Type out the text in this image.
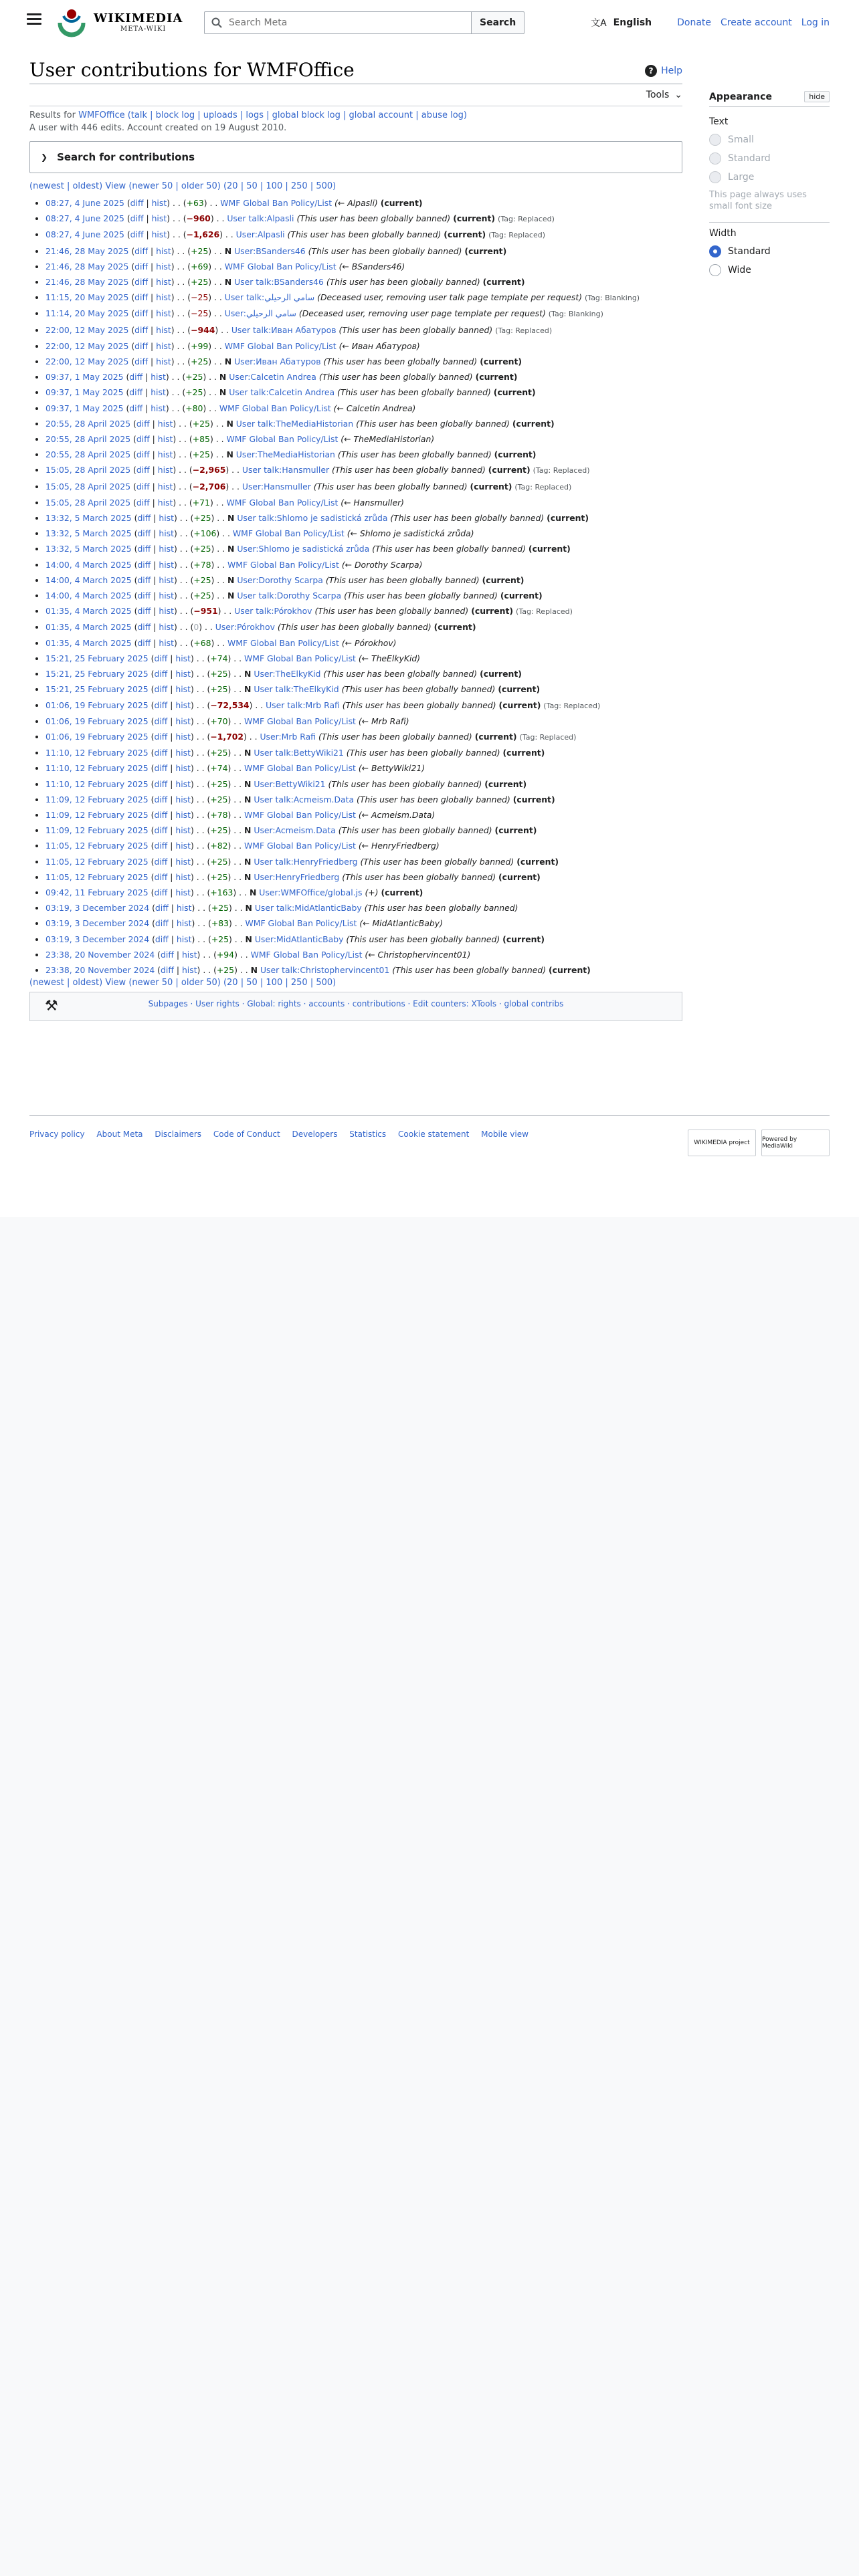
WIKIMEDIA
META-WIKI
Search Meta
Search	文A English	Donate Create account Log in
User contributions for WMFOffice	? Help
Tools ⌄
Results for WMFOffice (talk | block log | uploads | logs | global block log | global account | abuse log)
A user with 446 edits. Account created on 19 August 2010.
❯ Search for contributions
(newest | oldest) View (newer 50 | older 50) (20 | 50 | 100 | 250 | 500)
• 08:27, 4 June 2025 (diff | hist) . . (+63) . . WMF Global Ban Policy/List (← Alpasli) (current)
• 08:27, 4 June 2025 (diff | hist) . . (−960) . . User talk:Alpasli (This user has been globally banned) (current) (Tag: Replaced)
• 08:27, 4 June 2025 (diff | hist) . . (−1,626) . . User:Alpasli (This user has been globally banned) (current) (Tag: Replaced)
• 21:46, 28 May 2025 (diff | hist) . . (+25) . . N User:BSanders46 (This user has been globally banned) (current)
• 21:46, 28 May 2025 (diff | hist) . . (+69) . . WMF Global Ban Policy/List (← BSanders46)
• 21:46, 28 May 2025 (diff | hist) . . (+25) . . N User talk:BSanders46 (This user has been globally banned) (current)
• 11:15, 20 May 2025 (diff | hist) . . (−25) . . User talk:سامي الرحيلي (Deceased user, removing user talk page template per request) (Tag: Blanking)
• 11:14, 20 May 2025 (diff | hist) . . (−25) . . User:سامي الرحيلي (Deceased user, removing user page template per request) (Tag: Blanking)
• 22:00, 12 May 2025 (diff | hist) . . (−944) . . User talk:Иван Абатуров (This user has been globally banned) (Tag: Replaced)
• 22:00, 12 May 2025 (diff | hist) . . (+99) . . WMF Global Ban Policy/List (← Иван Абатуров)
• 22:00, 12 May 2025 (diff | hist) . . (+25) . . N User:Иван Абатуров (This user has been globally banned) (current)
• 09:37, 1 May 2025 (diff | hist) . . (+25) . . N User:Calcetin Andrea (This user has been globally banned) (current)
• 09:37, 1 May 2025 (diff | hist) . . (+25) . . N User talk:Calcetin Andrea (This user has been globally banned) (current)
• 09:37, 1 May 2025 (diff | hist) . . (+80) . . WMF Global Ban Policy/List (← Calcetin Andrea)
• 20:55, 28 April 2025 (diff | hist) . . (+25) . . N User talk:TheMediaHistorian (This user has been globally banned) (current)
• 20:55, 28 April 2025 (diff | hist) . . (+85) . . WMF Global Ban Policy/List (← TheMediaHistorian)
• 20:55, 28 April 2025 (diff | hist) . . (+25) . . N User:TheMediaHistorian (This user has been globally banned) (current)
• 15:05, 28 April 2025 (diff | hist) . . (−2,965) . . User talk:Hansmuller (This user has been globally banned) (current) (Tag: Replaced)
• 15:05, 28 April 2025 (diff | hist) . . (−2,706) . . User:Hansmuller (This user has been globally banned) (current) (Tag: Replaced)
• 15:05, 28 April 2025 (diff | hist) . . (+71) . . WMF Global Ban Policy/List (← Hansmuller)
• 13:32, 5 March 2025 (diff | hist) . . (+25) . . N User talk:Shlomo je sadistická zrůda (This user has been globally banned) (current)
• 13:32, 5 March 2025 (diff | hist) . . (+106) . . WMF Global Ban Policy/List (← Shlomo je sadistická zrůda)
• 13:32, 5 March 2025 (diff | hist) . . (+25) . . N User:Shlomo je sadistická zrůda (This user has been globally banned) (current)
• 14:00, 4 March 2025 (diff | hist) . . (+78) . . WMF Global Ban Policy/List (← Dorothy Scarpa)
• 14:00, 4 March 2025 (diff | hist) . . (+25) . . N User:Dorothy Scarpa (This user has been globally banned) (current)
• 14:00, 4 March 2025 (diff | hist) . . (+25) . . N User talk:Dorothy Scarpa (This user has been globally banned) (current)
• 01:35, 4 March 2025 (diff | hist) . . (−951) . . User talk:Pórokhov (This user has been globally banned) (current) (Tag: Replaced)
• 01:35, 4 March 2025 (diff | hist) . . (0) . . User:Pórokhov (This user has been globally banned) (current)
• 01:35, 4 March 2025 (diff | hist) . . (+68) . . WMF Global Ban Policy/List (← Pórokhov)
• 15:21, 25 February 2025 (diff | hist) . . (+74) . . WMF Global Ban Policy/List (← TheElkyKid)
• 15:21, 25 February 2025 (diff | hist) . . (+25) . . N User:TheElkyKid (This user has been globally banned) (current)
• 15:21, 25 February 2025 (diff | hist) . . (+25) . . N User talk:TheElkyKid (This user has been globally banned) (current)
• 01:06, 19 February 2025 (diff | hist) . . (−72,534) . . User talk:Mrb Rafi (This user has been globally banned) (current) (Tag: Replaced)
• 01:06, 19 February 2025 (diff | hist) . . (+70) . . WMF Global Ban Policy/List (← Mrb Rafi)
• 01:06, 19 February 2025 (diff | hist) . . (−1,702) . . User:Mrb Rafi (This user has been globally banned) (current) (Tag: Replaced)
• 11:10, 12 February 2025 (diff | hist) . . (+25) . . N User talk:BettyWiki21 (This user has been globally banned) (current)
• 11:10, 12 February 2025 (diff | hist) . . (+74) . . WMF Global Ban Policy/List (← BettyWiki21)
• 11:10, 12 February 2025 (diff | hist) . . (+25) . . N User:BettyWiki21 (This user has been globally banned) (current)
• 11:09, 12 February 2025 (diff | hist) . . (+25) . . N User talk:Acmeism.Data (This user has been globally banned) (current)
• 11:09, 12 February 2025 (diff | hist) . . (+78) . . WMF Global Ban Policy/List (← Acmeism.Data)
• 11:09, 12 February 2025 (diff | hist) . . (+25) . . N User:Acmeism.Data (This user has been globally banned) (current)
• 11:05, 12 February 2025 (diff | hist) . . (+82) . . WMF Global Ban Policy/List (← HenryFriedberg)
• 11:05, 12 February 2025 (diff | hist) . . (+25) . . N User talk:HenryFriedberg (This user has been globally banned) (current)
• 11:05, 12 February 2025 (diff | hist) . . (+25) . . N User:HenryFriedberg (This user has been globally banned) (current)
• 09:42, 11 February 2025 (diff | hist) . . (+163) . . N User:WMFOffice/global.js (+) (current)
• 03:19, 3 December 2024 (diff | hist) . . (+25) . . N User talk:MidAtlanticBaby (This user has been globally banned)
• 03:19, 3 December 2024 (diff | hist) . . (+83) . . WMF Global Ban Policy/List (← MidAtlanticBaby)
• 03:19, 3 December 2024 (diff | hist) . . (+25) . . N User:MidAtlanticBaby (This user has been globally banned) (current)
• 23:38, 20 November 2024 (diff | hist) . . (+94) . . WMF Global Ban Policy/List (← Christophervincent01)
• 23:38, 20 November 2024 (diff | hist) . . (+25) . . N User talk:Christophervincent01 (This user has been globally banned) (current)
(newest | oldest) View (newer 50 | older 50) (20 | 50 | 100 | 250 | 500)
⚒	Subpages · User rights · Global: rights · accounts · contributions · Edit counters: XTools · global contribs
Appearance	hide
Text
Small
Standard
Large
This page always uses small font size
Width
Standard
Wide
Privacy policy About Meta Disclaimers Code of Conduct Developers Statistics Cookie statement Mobile view
WIKIMEDIA project	Powered by MediaWiki
